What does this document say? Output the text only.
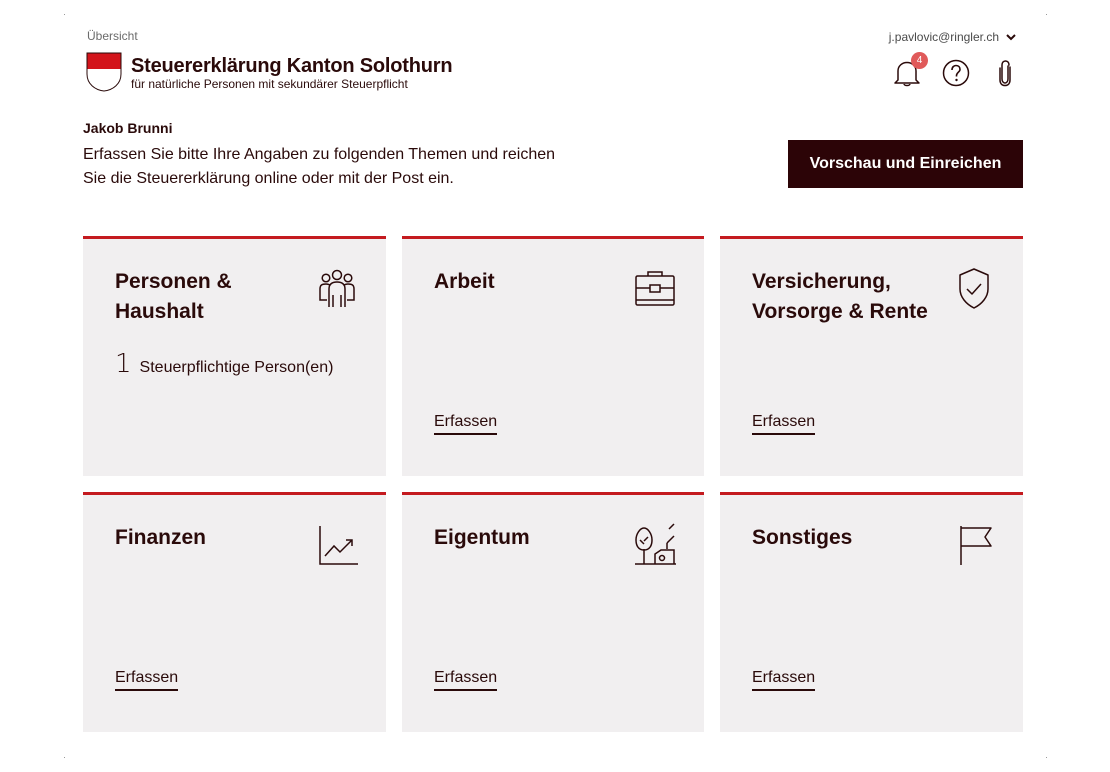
Übersicht
Steuererklärung Kanton Solothurn
für natürliche Personen mit sekundärer Steuerpflicht
j.pavlovic@ringler.ch
4
Jakob Brunni
Erfassen Sie bitte Ihre Angaben zu folgenden Themen und reichen Sie die Steuererklärung online oder mit der Post ein.
Vorschau und Einreichen
Personen & Haushalt
1 Steuerpflichtige Person(en)
Arbeit
Erfassen
Versicherung, Vorsorge & Rente
Erfassen
Finanzen
Erfassen
Eigentum
Erfassen
Sonstiges
Erfassen
